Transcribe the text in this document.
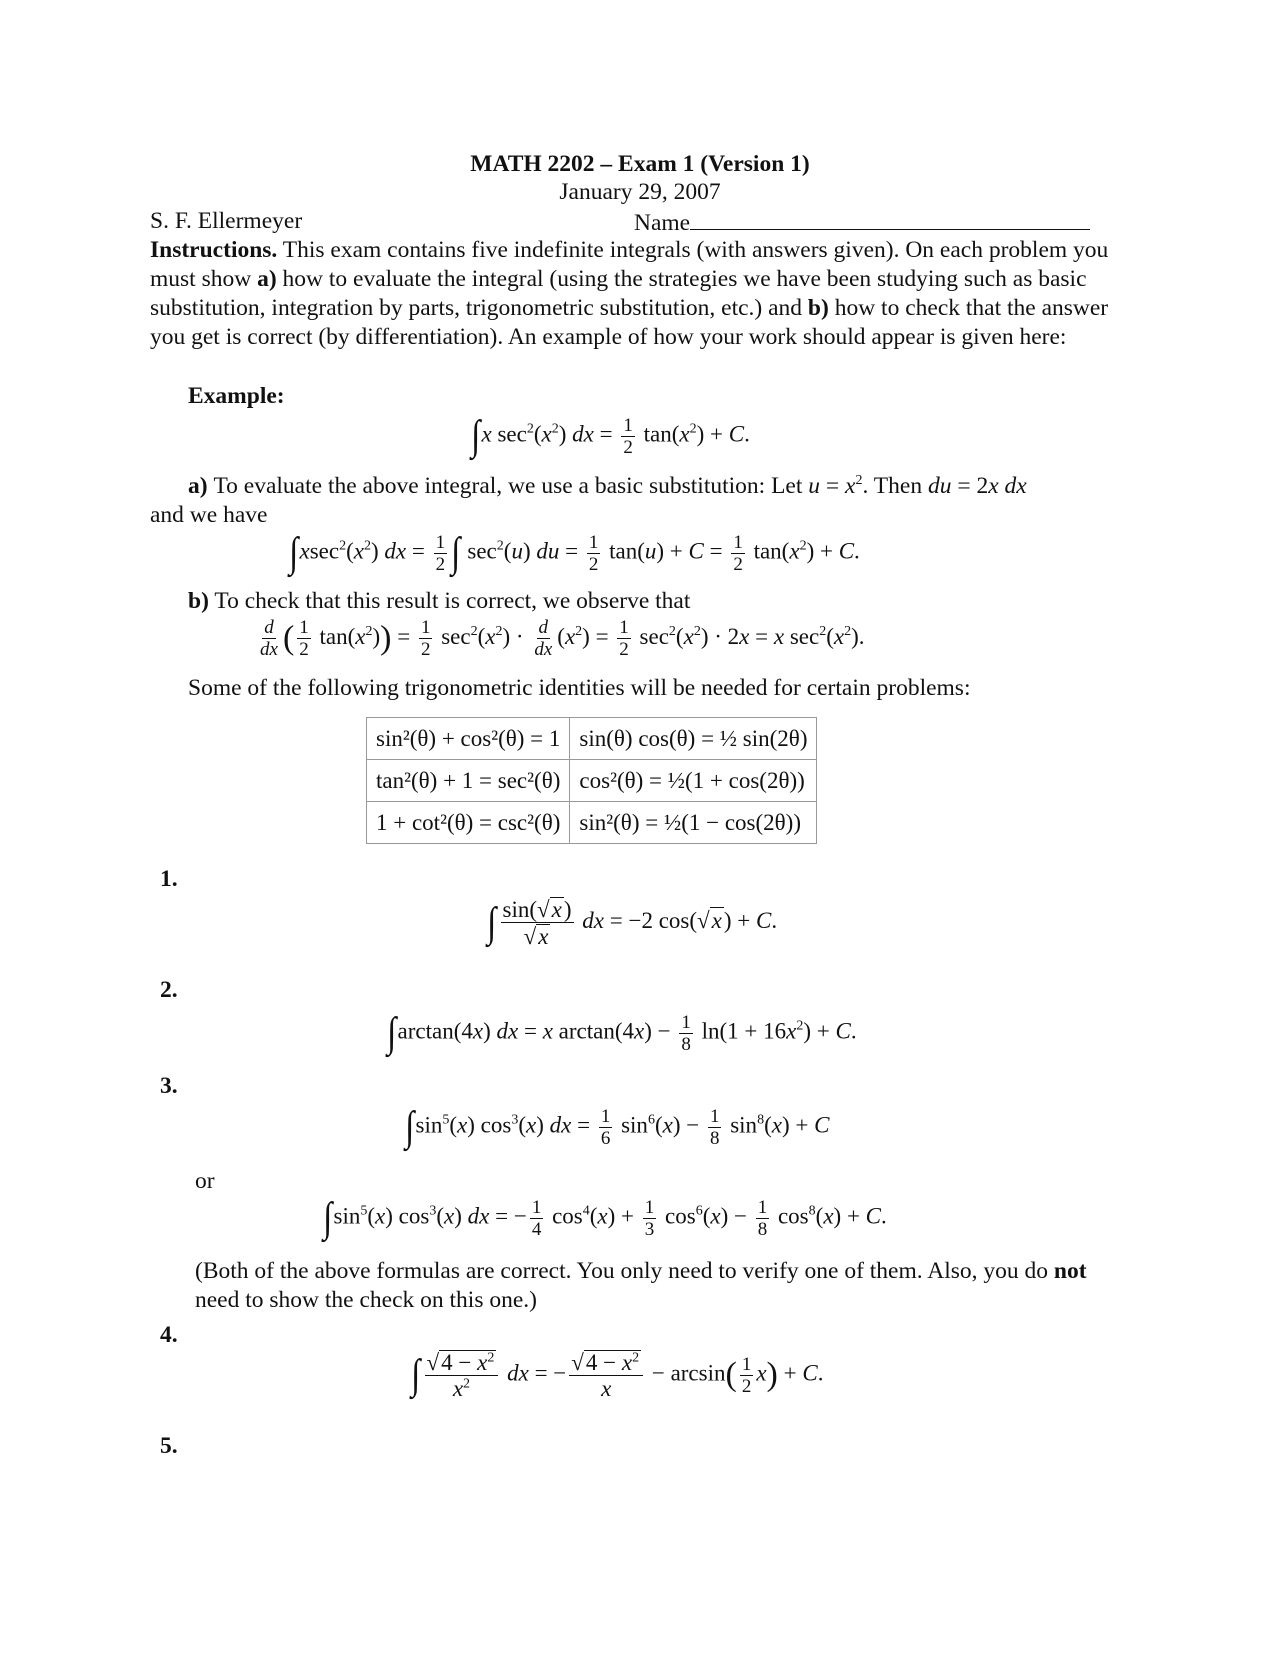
MATH 2202 – Exam 1 (Version 1)
January 29, 2007
S. F. Ellermeyer	Name
Instructions. This exam contains five indefinite integrals (with answers given). On each problem you must show a) how to evaluate the integral (using the strategies we have been studying such as basic substitution, integration by parts, trigonometric substitution, etc.) and b) how to check that the answer you get is correct (by differentiation). An example of how your work should appear is given here:
Example:
∫x $\sec^2(x^2)$ dx = $\frac{1}{2} \tan(x^2) + C$.
a) To evaluate the above integral, we use a basic substitution: Let $u = x^2$. Then du = 2x dx
and we have
$\int xsec^2(x^2)$ dx = $\frac{1}{2}$ ∫ $\sec^2(u)$ du = $\frac{1}{2} \tan(u) + C = \frac{1}{2} \tan(x^2) + C$.
b) To check that this result is correct, we observe that
$\frac{d}{dx}$ ( $\frac{1}{2} \tan(x^2)) = \frac{1}{2} \sec^2(x^2) \cdot \frac{d}{dx} (x^2) = \frac{1}{2} \sec^2(x^2) \cdot 2x = x$ $\sec^2(x^2)$.
Some of the following trigonometric identities will be needed for certain problems:
sin²(θ) + cos²(θ) = 1	sin(θ) cos(θ) = ½ sin(2θ)
tan²(θ) + 1 = sec²(θ)	cos²(θ) = ½(1 + cos(2θ))
1 + cot²(θ) = csc²(θ)	sin²(θ) = ½(1 − cos(2θ))
1.
∫ $\frac{\sin(√x)}{√x}$ dx = −2 cos(√x) + C.
2.
∫arctan(4x) dx = x $\arctan(4x) - \frac{1}{8} \ln(1 + 16x^2) + C$.
3.
$\int\sin^5(x)$ $\cos^3(x)$ dx = $\frac{1}{6} \sin^6(x) - \frac{1}{8} \sin^8(x) + C$
or
$\int\sin^5(x)$ $\cos^3(x)$ dx = − $\frac{1}{4} \cos^4(x) + \frac{1}{3} \cos^6(x) - \frac{1}{8} \cos^8(x) + C$.
(Both of the above formulas are correct. You only need to verify one of them. Also, you do not need to show the check on this one.)
4.
∫ $\frac{√4 - x^2}{x^2}$ dx = − $\frac{√4 - x^2}{x} - \arcsin( \frac{1}{2} x) + C$.
5.
